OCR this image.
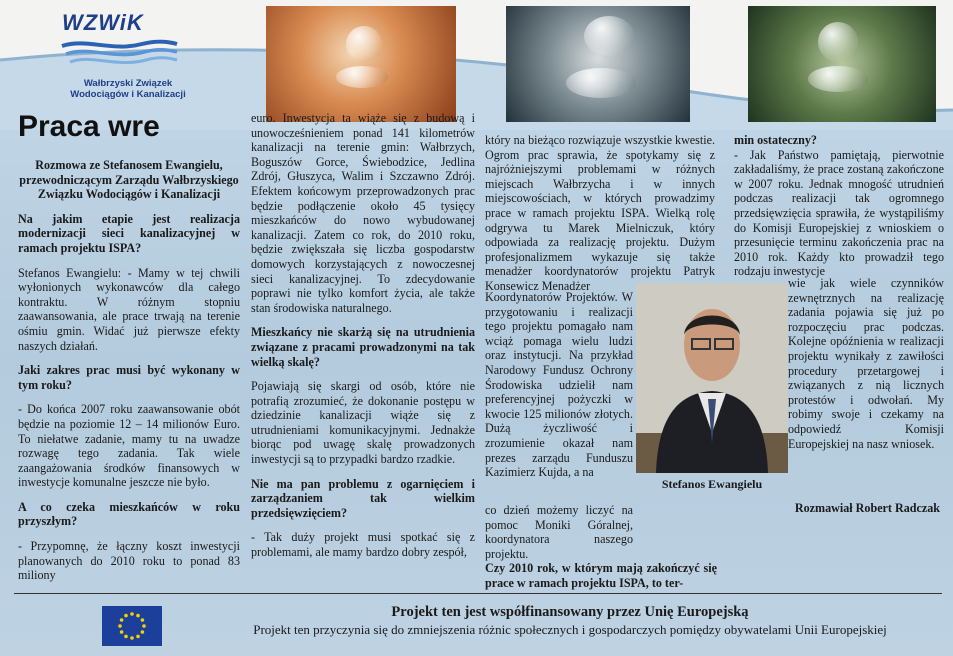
WZWiK
Wałbrzyski Związek Wodociągów i Kanalizacji
Praca wre

Rozmowa ze Stefanosem Ewangielu, przewodniczącym Zarządu Wałbrzyskiego Związku Wodociągów i Kanalizacji

Na jakim etapie jest realizacja modernizacji sieci kanalizacyjnej w ramach projektu ISPA?

Stefanos Ewangielu: - Mamy w tej chwili wyłonionych wykonawców dla całego kontraktu. W różnym stopniu zaawansowania, ale prace trwają na terenie ośmiu gmin. Widać już pierwsze efekty naszych działań.

Jaki zakres prac musi być wykonany w tym roku?

- Do końca 2007 roku zaawansowanie obót będzie na poziomie 12 – 14 milionów Euro. To niełatwe zadanie, mamy tu na uwadze rozwagę tego zadania. Tak wiele zaangażowania środków finansowych w inwestycje komunalne jeszcze nie było.

A co czeka mieszkańców w roku przyszłym?

- Przypomnę, że łączny koszt inwestycji planowanych do 2010 roku to ponad 83 miliony

euro. Inwestycja ta wiąże się z budową i unowocześnieniem ponad 141 kilometrów kanalizacji na terenie gmin: Wałbrzych, Boguszów Gorce, Świebodzice, Jedlina Zdrój, Głuszyca, Walim i Szczawno Zdrój. Efektem końcowym przeprowadzonych prac będzie podłączenie około 45 tysięcy mieszkańców do nowo wybudowanej kanalizacji. Zatem co rok, do 2010 roku, będzie zwiększała się liczba gospodarstw domowych korzystających z nowoczesnej sieci kanalizacyjnej. To zdecydowanie poprawi nie tylko komfort życia, ale także stan środowiska naturalnego.

Mieszkańcy nie skarżą się na utrudnienia związane z pracami prowadzonymi na tak wielką skalę?

Pojawiają się skargi od osób, które nie potrafią zrozumieć, że dokonanie postępu w dziedzinie kanalizacji wiąże się z utrudnieniami komunikacyjnymi. Jednakże biorąc pod uwagę skalę prowadzonych inwestycji są to przypadki bardzo rzadkie.

Nie ma pan problemu z ogarnięciem i zarządzaniem tak wielkim przedsięwzięciem?

- Tak duży projekt musi spotkać się z problemami, ale mamy bardzo dobry zespół,

który na bieżąco rozwiązuje wszystkie kwestie. Ogrom prac sprawia, że spotykamy się z najróżniejszymi problemami w różnych miejscach Wałbrzycha i w innych miejscowościach, w których prowadzimy prace w ramach projektu ISPA. Wielką rolę odgrywa tu Marek Mielniczuk, który odpowiada za realizację projektu. Dużym profesjonalizmem wykazuje się także menadżer koordynatorów projektu Patryk Konsewicz Menadżer

Koordynatorów Projektów. W przygotowaniu i realizacji tego projektu pomagało nam wciąż pomaga wielu ludzi oraz instytucji. Na przykład Narodowy Fundusz Ochrony Środowiska udzielił nam preferencyjnej pożyczki w kwocie 125 milionów złotych. Dużą życzliwość i zrozumienie okazał nam prezes zarządu Funduszu Kazimierz Kujda, a na

co dzień możemy liczyć na pomoc Moniki Góralnej, koordynatora naszego projektu.

Czy 2010 rok, w którym mają zakończyć się prace w ramach projektu ISPA, to ter-
Stefanos Ewangielu
min ostateczny?

- Jak Państwo pamiętają, pierwotnie zakładaliśmy, że prace zostaną zakończone w 2007 roku. Jednak mnogość utrudnień podczas realizacji tak ogromnego przedsięwzięcia sprawiła, że wystąpiliśmy do Komisji Europejskiej z wnioskiem o przesunięcie terminu zakończenia prac na 2010 rok. Każdy kto prowadził tego rodzaju inwestycje

wie jak wiele czynników zewnętrznych na realizację zadania pojawia się już po rozpoczęciu prac podczas. Kolejne opóźnienia w realizacji projektu wynikały z zawiłości procedury przetargowej i związanych z nią licznych protestów i odwołań. My robimy swoje i czekamy na odpowiedź Komisji Europejskiej na nasz wniosek.

Rozmawiał Robert Radczak
Projekt ten jest współfinansowany przez Unię Europejską
Projekt ten przyczynia się do zmniejszenia różnic społecznych i gospodarczych pomiędzy obywatelami Unii Europejskiej
